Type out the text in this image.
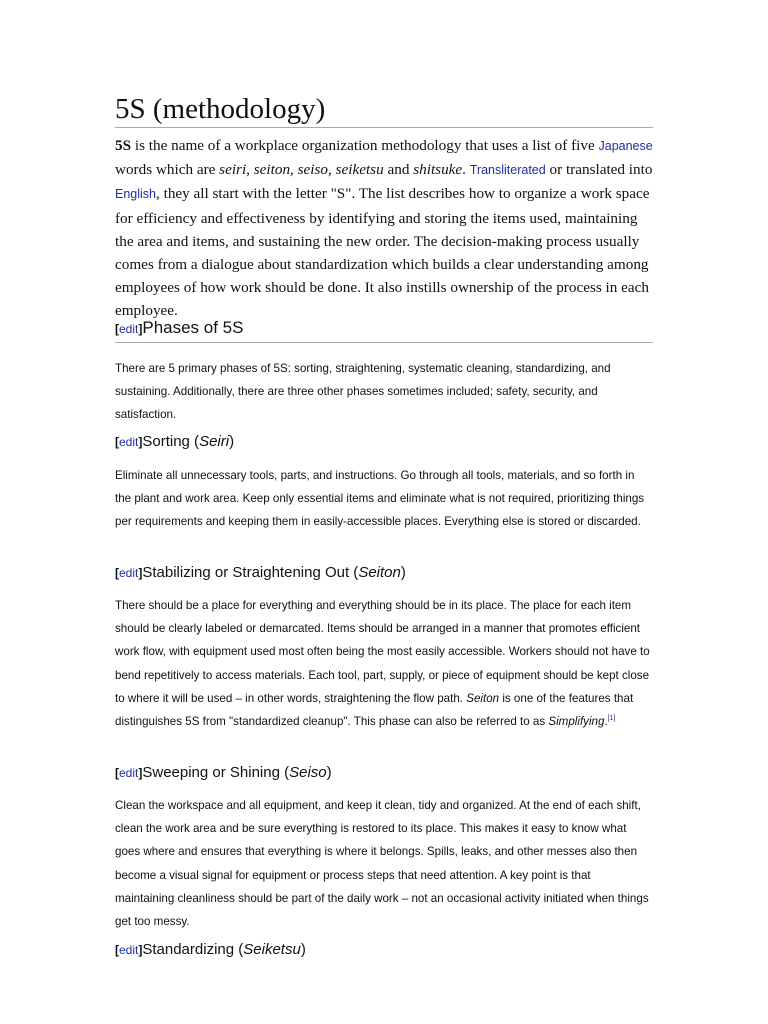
5S (methodology)

5S is the name of a workplace organization methodology that uses a list of five Japanese words which are seiri, seiton, seiso, seiketsu and shitsuke. Transliterated or translated into English, they all start with the letter "S". The list describes how to organize a work space for efficiency and effectiveness by identifying and storing the items used, maintaining the area and items, and sustaining the new order. The decision-making process usually comes from a dialogue about standardization which builds a clear understanding among employees of how work should be done. It also instills ownership of the process in each employee.

[edit]Phases of 5S

There are 5 primary phases of 5S: sorting, straightening, systematic cleaning, standardizing, and sustaining. Additionally, there are three other phases sometimes included; safety, security, and satisfaction.

[edit]Sorting (Seiri)

Eliminate all unnecessary tools, parts, and instructions. Go through all tools, materials, and so forth in the plant and work area. Keep only essential items and eliminate what is not required, prioritizing things per requirements and keeping them in easily-accessible places. Everything else is stored or discarded.

[edit]Stabilizing or Straightening Out (Seiton)

There should be a place for everything and everything should be in its place. The place for each item should be clearly labeled or demarcated. Items should be arranged in a manner that promotes efficient work flow, with equipment used most often being the most easily accessible. Workers should not have to bend repetitively to access materials. Each tool, part, supply, or piece of equipment should be kept close to where it will be used – in other words, straightening the flow path. Seiton is one of the features that distinguishes 5S from "standardized cleanup". This phase can also be referred to as Simplifying.[1]

[edit]Sweeping or Shining (Seiso)

Clean the workspace and all equipment, and keep it clean, tidy and organized. At the end of each shift, clean the work area and be sure everything is restored to its place. This makes it easy to know what goes where and ensures that everything is where it belongs. Spills, leaks, and other messes also then become a visual signal for equipment or process steps that need attention. A key point is that maintaining cleanliness should be part of the daily work – not an occasional activity initiated when things get too messy.

[edit]Standardizing (Seiketsu)
